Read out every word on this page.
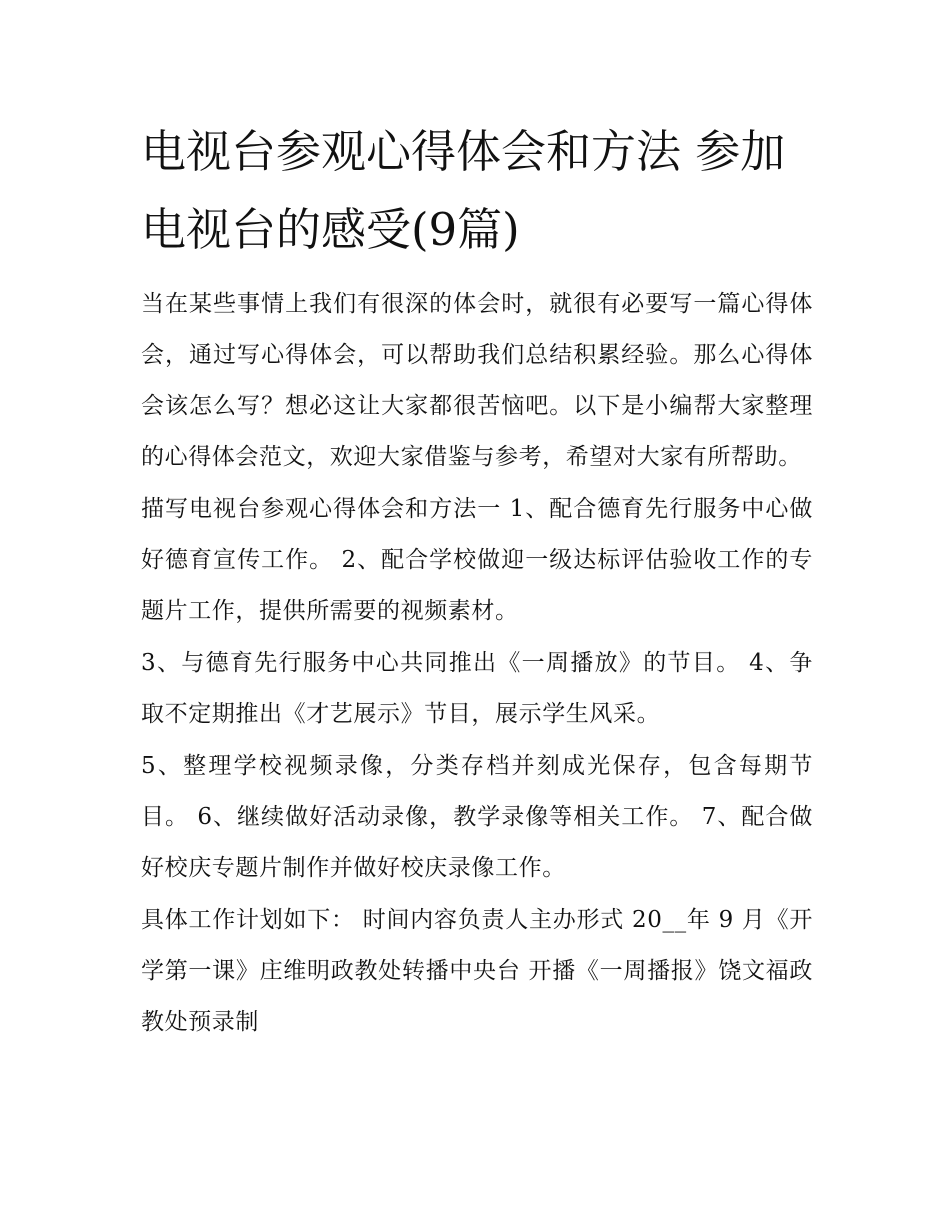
电视台参观心得体会和方法 参加电视台的感受(9篇)

当在某些事情上我们有很深的体会时，就很有必要写一篇心得体会，通过写心得体会，可以帮助我们总结积累经验。那么心得体会该怎么写？想必这让大家都很苦恼吧。以下是小编帮大家整理的心得体会范文，欢迎大家借鉴与参考，希望对大家有所帮助。

描写电视台参观心得体会和方法一 1、配合德育先行服务中心做好德育宣传工作。 2、配合学校做迎一级达标评估验收工作的专题片工作，提供所需要的视频素材。

3、与德育先行服务中心共同推出《一周播放》的节目。 4、争取不定期推出《才艺展示》节目，展示学生风采。

5、整理学校视频录像，分类存档并刻成光保存，包含每期节目。 6、继续做好活动录像，教学录像等相关工作。 7、配合做好校庆专题片制作并做好校庆录像工作。

具体工作计划如下： 时间内容负责人主办形式 20__年 9 月《开学第一课》庄维明政教处转播中央台 开播《一周播报》饶文福政教处预录制
